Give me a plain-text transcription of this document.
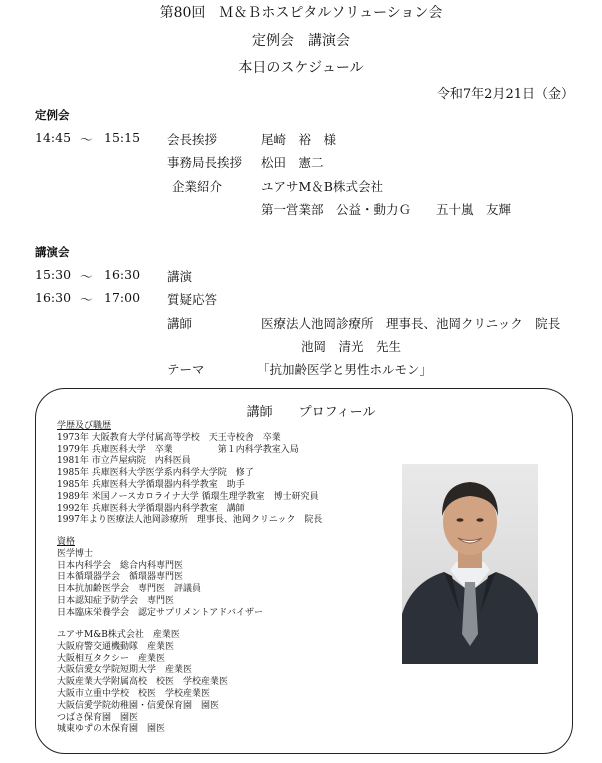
第80回　Ｍ＆Ｂホスピタルソリューション会
定例会　講演会
本日のスケジュール
令和7年2月21日（金）
定例会
14:45 ～ 15:15 会長挨拶	尾崎　裕　様
事務局長挨拶 松田　憲二
企業紹介	ユアサM＆B株式会社
第一営業部　公益・動力Ｇ　　五十嵐　友輝
講演会
15:30 ～ 16:30 講演
16:30 ～ 17:00 質疑応答
講師	医療法人池岡診療所　理事長、池岡クリニック　院長
池岡　清光　先生
テーマ	「抗加齢医学と男性ホルモン」
講師　　プロフィール
学歴及び職歴
1973年 大阪教育大学付属高等学校　天王寺校舎　卒業
1979年 兵庫医科大学　卒業　　　　　第１内科学教室入局
1981年 市立芦屋病院　内科医員
1985年 兵庫医科大学医学系内科学大学院　修了
1985年 兵庫医科大学循環器内科学教室　助手
1989年 米国ノースカロライナ大学 循環生理学教室　博士研究員
1992年 兵庫医科大学循環器内科学教室　講師
1997年より医療法人池岡診療所　理事長、池岡クリニック　院長
資格
医学博士
日本内科学会　総合内科専門医
日本循環器学会　循環器専門医
日本抗加齢医学会　専門医　評議員
日本認知症予防学会　専門医
日本臨床栄養学会　認定サプリメントアドバイザー
ユアサM&B株式会社　産業医
大阪府警交通機動隊　産業医
大阪相互タクシー　産業医
大阪信愛女学院短期大学　産業医
大阪産業大学附属高校　校医　学校産業医
大阪市立重中学校　校医　学校産業医
大阪信愛学院幼稚園・信愛保育園　園医
つばさ保育園　園医
城東ゆずの木保育園　園医
